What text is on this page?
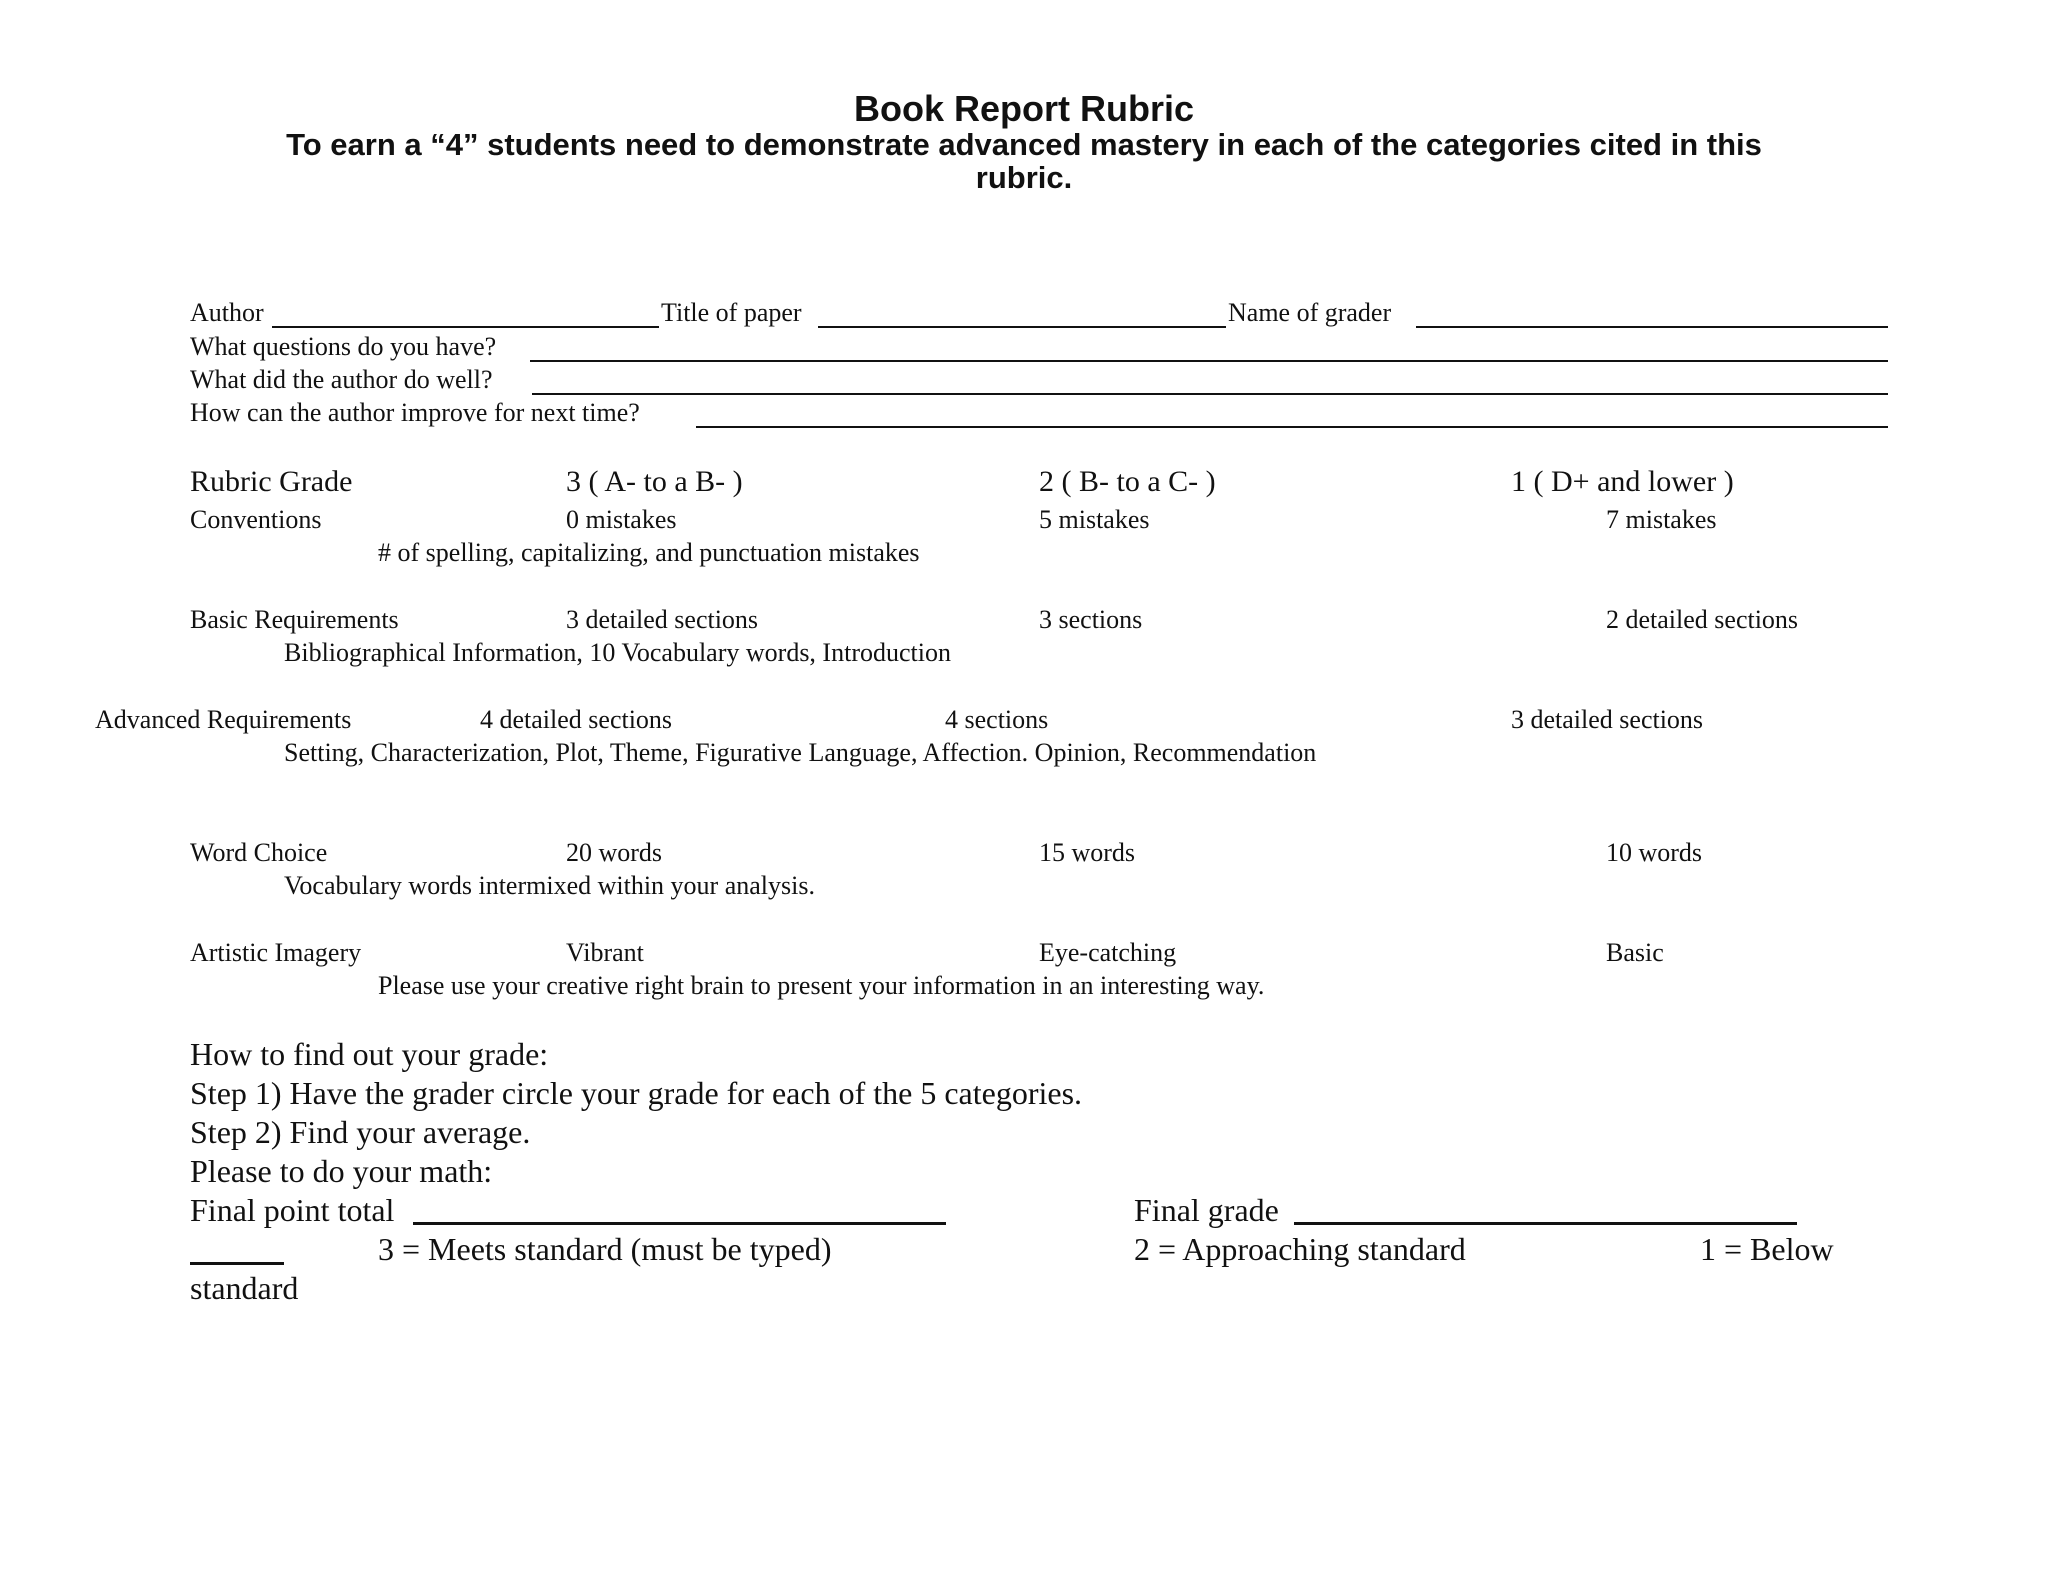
Book Report Rubric
To earn a “4” students need to demonstrate advanced mastery in each of the categories cited in this
rubric.
Author	Title of paper	Name of grader
What questions do you have?
What did the author do well?
How can the author improve for next time?
Rubric Grade	3 ( A- to a B- )	2 ( B- to a C- )	1 ( D+ and lower )
Conventions	0 mistakes	5 mistakes	7 mistakes
# of spelling, capitalizing, and punctuation mistakes
Basic Requirements	3 detailed sections	3 sections	2 detailed sections
Bibliographical Information, 10 Vocabulary words, Introduction
Advanced Requirements	4 detailed sections	4 sections	3 detailed sections
Setting, Characterization, Plot, Theme, Figurative Language, Affection. Opinion, Recommendation
Word Choice	20 words	15 words	10 words
Vocabulary words intermixed within your analysis.
Artistic Imagery	Vibrant	Eye-catching	Basic
Please use your creative right brain to present your information in an interesting way.
How to find out your grade:
Step 1) Have the grader circle your grade for each of the 5 categories.
Step 2) Find your average.
Please to do your math:
Final point total	Final grade
3 = Meets standard (must be typed)	2 = Approaching standard	1 = Below
standard
